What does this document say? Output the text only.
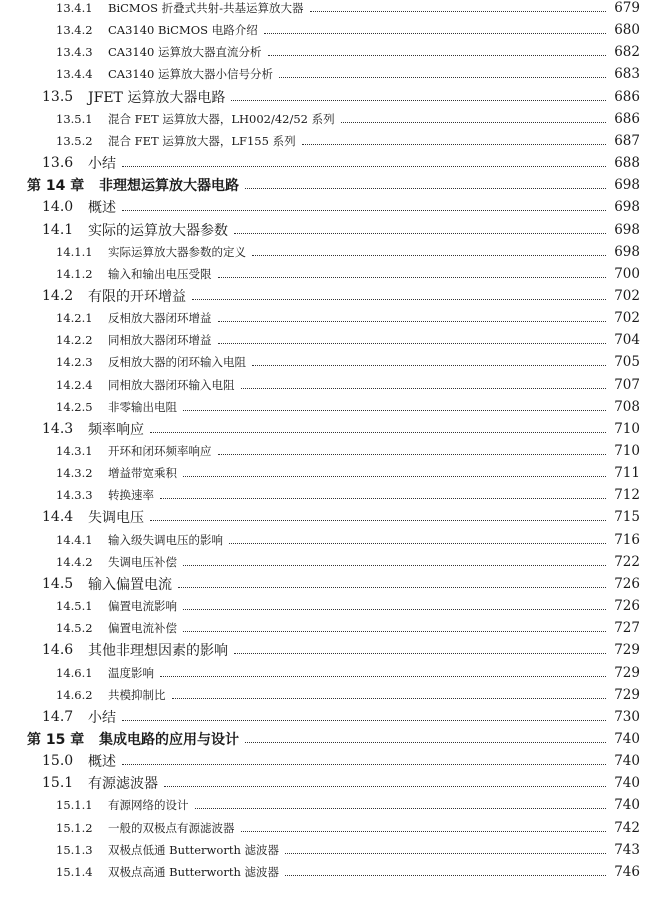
13.4.1	BiCMOS 折叠式共射-共基运算放大器	679
13.4.2	CA3140 BiCMOS 电路介绍	680
13.4.3	CA3140 运算放大器直流分析	682
13.4.4	CA3140 运算放大器小信号分析	683
13.5	JFET 运算放大器电路	686
13.5.1	混合 FET 运算放大器，LH002/42/52 系列	686
13.5.2	混合 FET 运算放大器，LF155 系列	687
13.6	小结	688
第 14 章	非理想运算放大器电路	698
14.0	概述	698
14.1	实际的运算放大器参数	698
14.1.1	实际运算放大器参数的定义	698
14.1.2	输入和输出电压受限	700
14.2	有限的开环增益	702
14.2.1	反相放大器闭环增益	702
14.2.2	同相放大器闭环增益	704
14.2.3	反相放大器的闭环输入电阻	705
14.2.4	同相放大器闭环输入电阻	707
14.2.5	非零输出电阻	708
14.3	频率响应	710
14.3.1	开环和闭环频率响应	710
14.3.2	增益带宽乘积	711
14.3.3	转换速率	712
14.4	失调电压	715
14.4.1	输入级失调电压的影响	716
14.4.2	失调电压补偿	722
14.5	输入偏置电流	726
14.5.1	偏置电流影响	726
14.5.2	偏置电流补偿	727
14.6	其他非理想因素的影响	729
14.6.1	温度影响	729
14.6.2	共模抑制比	729
14.7	小结	730
第 15 章	集成电路的应用与设计	740
15.0	概述	740
15.1	有源滤波器	740
15.1.1	有源网络的设计	740
15.1.2	一般的双极点有源滤波器	742
15.1.3	双极点低通 Butterworth 滤波器	743
15.1.4	双极点高通 Butterworth 滤波器	746
